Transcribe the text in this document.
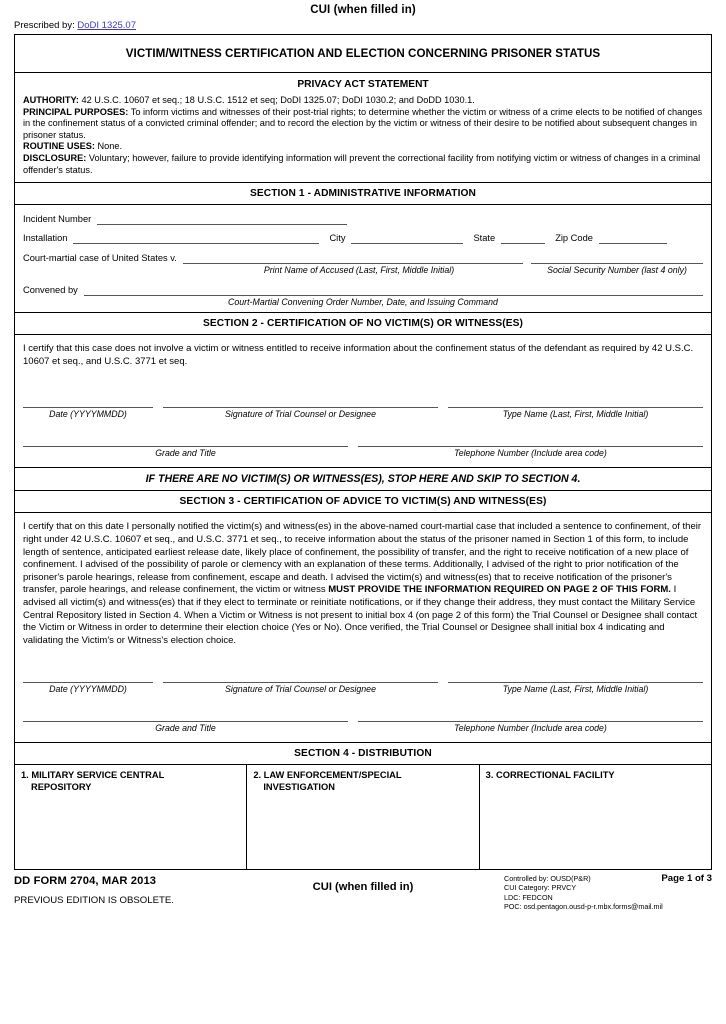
CUI (when filled in)
Prescribed by: DoDI 1325.07
VICTIM/WITNESS CERTIFICATION AND ELECTION CONCERNING PRISONER STATUS
PRIVACY ACT STATEMENT
AUTHORITY: 42 U.S.C. 10607 et seq.; 18 U.S.C. 1512 et seq; DoDI 1325.07; DoDI 1030.2; and DoDD 1030.1.
PRINCIPAL PURPOSES: To inform victims and witnesses of their post-trial rights; to determine whether the victim or witness of a crime elects to be notified of changes in the confinement status of a convicted criminal offender; and to record the election by the victim or witness of their desire to be notified about subsequent changes in prisoner status.
ROUTINE USES: None.
DISCLOSURE: Voluntary; however, failure to provide identifying information will prevent the correctional facility from notifying victim or witness of changes in a criminal offender's status.
SECTION 1 - ADMINISTRATIVE INFORMATION
Incident Number
Installation	City	State	Zip Code
Court-martial case of United States v.
Print Name of Accused (Last, First, Middle Initial)	Social Security Number (last 4 only)
Convened by
Court-Martial Convening Order Number, Date, and Issuing Command
SECTION 2 - CERTIFICATION OF NO VICTIM(S) OR WITNESS(ES)
I certify that this case does not involve a victim or witness entitled to receive information about the confinement status of the defendant as required by 42 U.S.C. 10607 et seq., and U.S.C. 3771 et seq.
Date (YYYYMMDD)	Signature of Trial Counsel or Designee	Type Name (Last, First, Middle Initial)
Grade and Title	Telephone Number (Include area code)
IF THERE ARE NO VICTIM(S) OR WITNESS(ES), STOP HERE AND SKIP TO SECTION 4.
SECTION 3 - CERTIFICATION OF ADVICE TO VICTIM(S) AND WITNESS(ES)
I certify that on this date I personally notified the victim(s) and witness(es) in the above-named court-martial case that included a sentence to confinement, of their right under 42 U.S.C. 10607 et seq., and U.S.C. 3771 et seq., to receive information about the status of the prisoner named in Section 1 of this form, to include length of sentence, anticipated earliest release date, likely place of confinement, the possibility of transfer, and the right to receive notification of a new place of confinement. I advised of the possibility of parole or clemency with an explanation of these terms. Additionally, I advised of the right to prior notification of the prisoner's parole hearings, release from confinement, escape and death. I advised the victim(s) and witness(es) that to receive notification of the prisoner's transfer, parole hearings, and release confinement, the victim or witness MUST PROVIDE THE INFORMATION REQUIRED ON PAGE 2 OF THIS FORM. I advised all victim(s) and witness(es) that if they elect to terminate or reinitiate notifications, or if they change their address, they must contact the Military Service Central Repository listed in Section 4. When a Victim or Witness is not present to initial box 4 (on page 2 of this form) the Trial Counsel or Designee shall contact the Victim or Witness in order to determine their election choice (Yes or No). Once verified, the Trial Counsel or Designee shall initial box 4 indicating and validating the Victim's or Witness's election choice.
Date (YYYYMMDD)	Signature of Trial Counsel or Designee	Type Name (Last, First, Middle Initial)
Grade and Title	Telephone Number (Include area code)
SECTION 4 - DISTRIBUTION
1. MILITARY SERVICE CENTRAL
REPOSITORY
2. LAW ENFORCEMENT/SPECIAL
INVESTIGATION
3. CORRECTIONAL FACILITY
DD FORM 2704, MAR 2013
PREVIOUS EDITION IS OBSOLETE.
CUI (when filled in)
Page 1 of 3
Controlled by: OUSD(P&R)
CUI Category: PRVCY
LDC: FEDCON
POC: osd.pentagon.ousd-p-r.mbx.forms@mail.mil
